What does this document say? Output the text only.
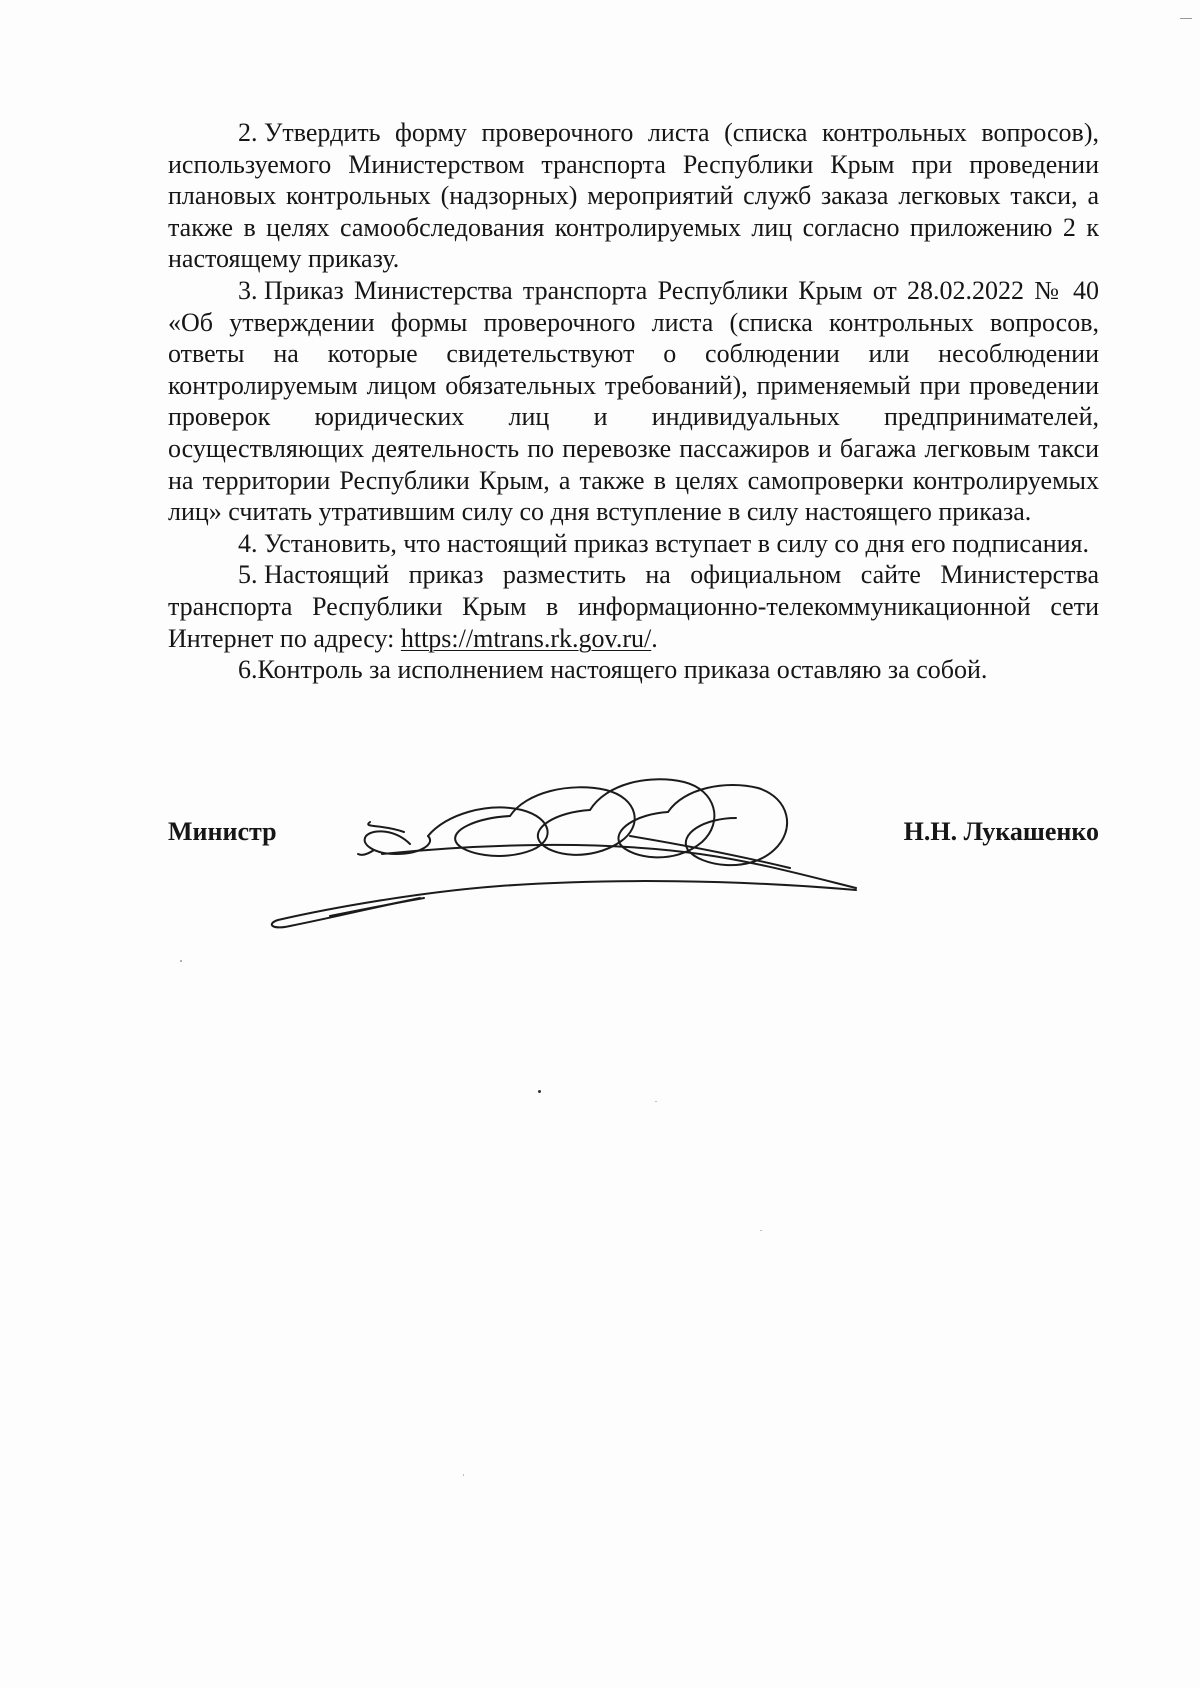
2. Утвердить форму проверочного листа (списка контрольных вопросов), используемого Министерством транспорта Республики Крым при проведении плановых контрольных (надзорных) мероприятий служб заказа легковых такси, а также в целях самообследования контролируемых лиц согласно приложению 2 к настоящему приказу.

3. Приказ Министерства транспорта Республики Крым от 28.02.2022 № 40 «Об утверждении формы проверочного листа (списка контрольных вопросов, ответы на которые свидетельствуют о соблюдении или несоблюдении контролируемым лицом обязательных требований), применяемый при проведении проверок юридических лиц и индивидуальных предпринимателей, осуществляющих деятельность по перевозке пассажиров и багажа легковым такси на территории Республики Крым, а также в целях самопроверки контролируемых лиц» считать утратившим силу со дня вступление в силу настоящего приказа.

4. Установить, что настоящий приказ вступает в силу со дня его подписания.

5. Настоящий приказ разместить на официальном сайте Министерства транспорта Республики Крым в информационно-телекоммуникационной сети Интернет по адресу: https://mtrans.rk.gov.ru/.

6.Контроль за исполнением настоящего приказа оставляю за собой.

Министр	Н.Н. Лукашенко
